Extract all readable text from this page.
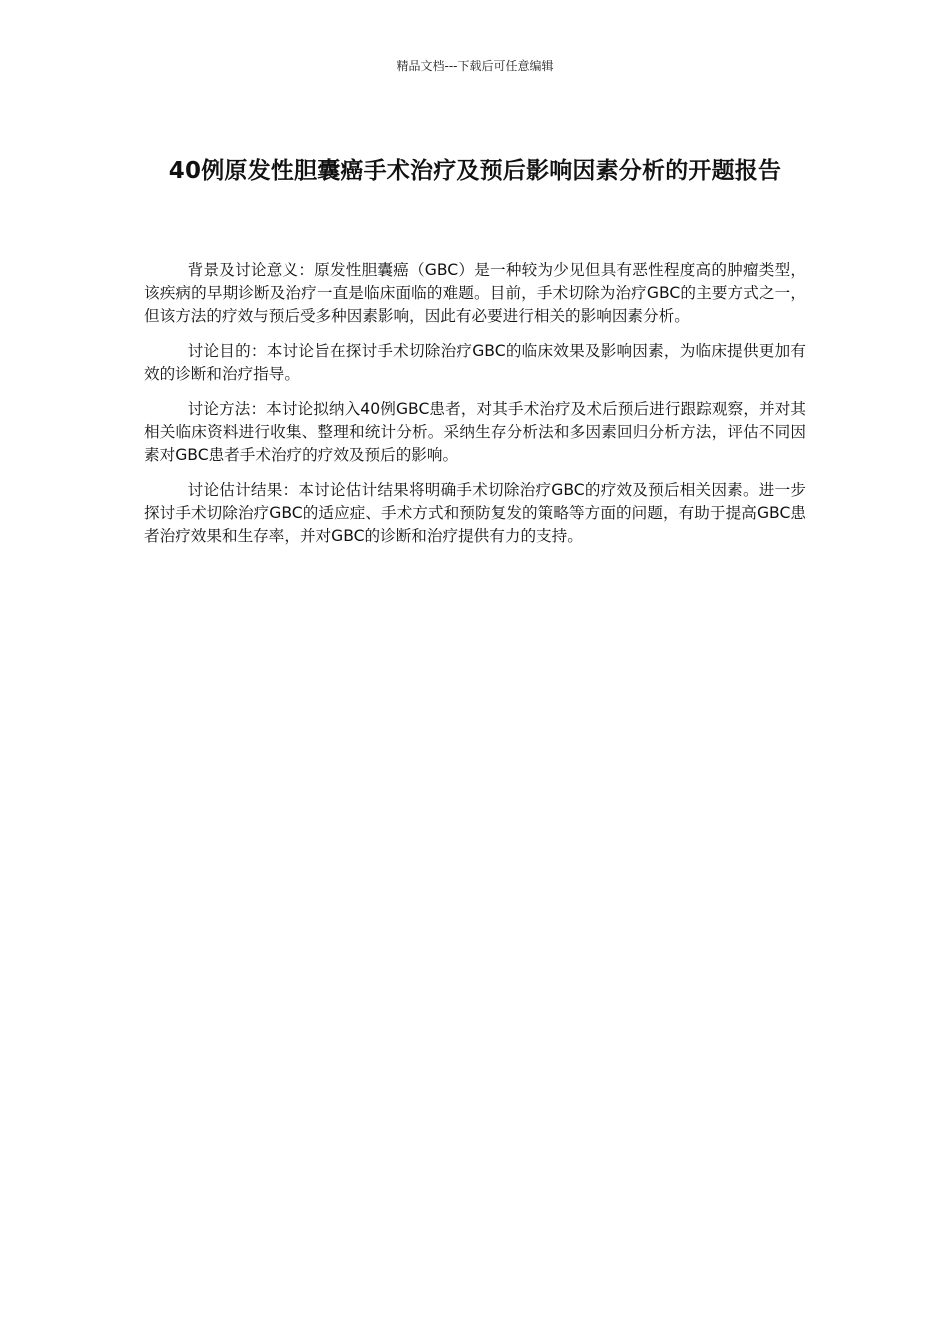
精品文档---下载后可任意编辑
40例原发性胆囊癌手术治疗及预后影响因素分析的开题报告

背景及讨论意义：原发性胆囊癌（GBC）是一种较为少见但具有恶性程度高的肿瘤类型，该疾病的早期诊断及治疗一直是临床面临的难题。目前，手术切除为治疗GBC的主要方式之一，但该方法的疗效与预后受多种因素影响，因此有必要进行相关的影响因素分析。

讨论目的：本讨论旨在探讨手术切除治疗GBC的临床效果及影响因素，为临床提供更加有效的诊断和治疗指导。

讨论方法：本讨论拟纳入40例GBC患者，对其手术治疗及术后预后进行跟踪观察，并对其相关临床资料进行收集、整理和统计分析。采纳生存分析法和多因素回归分析方法，评估不同因素对GBC患者手术治疗的疗效及预后的影响。

讨论估计结果：本讨论估计结果将明确手术切除治疗GBC的疗效及预后相关因素。进一步探讨手术切除治疗GBC的适应症、手术方式和预防复发的策略等方面的问题，有助于提高GBC患者治疗效果和生存率，并对GBC的诊断和治疗提供有力的支持。
